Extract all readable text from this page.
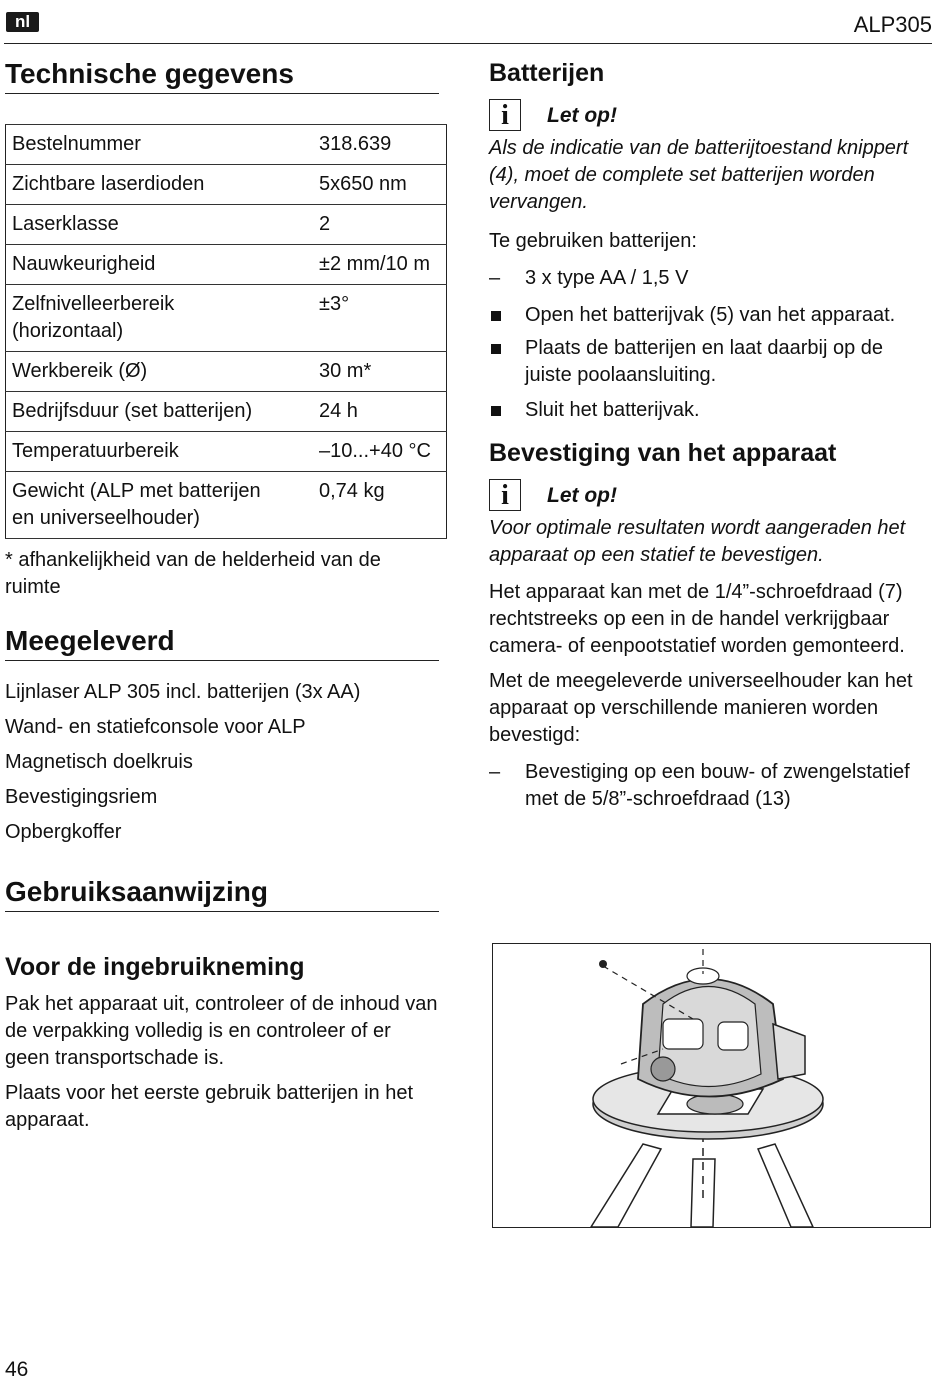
nl	ALP305
Technische gegevens
Bestelnummer	318.639
Zichtbare laserdioden	5x650 nm
Laserklasse	2
Nauwkeurigheid	±2 mm/10 m
Zelfnivelleerbereik
(horizontaal)	±3°
Werkbereik (Ø)	30 m*
Bedrijfsduur (set batterijen)	24 h
Temperatuurbereik	–10...+40 °C
Gewicht (ALP met batterijen
en universeelhouder)	0,74 kg

* afhankelijkheid van de helderheid van de ruimte

Meegeleverd

Lijnlaser ALP 305 incl. batterijen (3x AA)

Wand- en statiefconsole voor ALP

Magnetisch doelkruis

Bevestigingsriem

Opbergkoffer

Gebruiksaanwijzing
Voor de ingebruikneming

Pak het apparaat uit, controleer of de inhoud van de verpakking volledig is en controleer of er geen transportschade is.

Plaats voor het eerste gebruik batterijen in het apparaat.

Batterijen
i	Let op!

Als de indicatie van de batterijtoestand knippert (4), moet de complete set batterijen worden vervangen.

Te gebruiken batterijen:

–	3 x type AA / 1,5 V
Open het batterijvak (5) van het apparaat.
Plaats de batterijen en laat daarbij op de juiste poolaansluiting.
Sluit het batterijvak.
Bevestiging van het apparaat
i	Let op!

Voor optimale resultaten wordt aangeraden het apparaat op een statief te bevestigen.

Het apparaat kan met de 1/4”-schroefdraad (7) rechtstreeks op een in de handel verkrijgbaar camera- of eenpootstatief worden gemonteerd.

Met de meegeleverde universeelhouder kan het apparaat op verschillende manieren worden bevestigd:

–	Bevestiging op een bouw- of zwengelstatief met de 5/8”-schroefdraad (13)
46
